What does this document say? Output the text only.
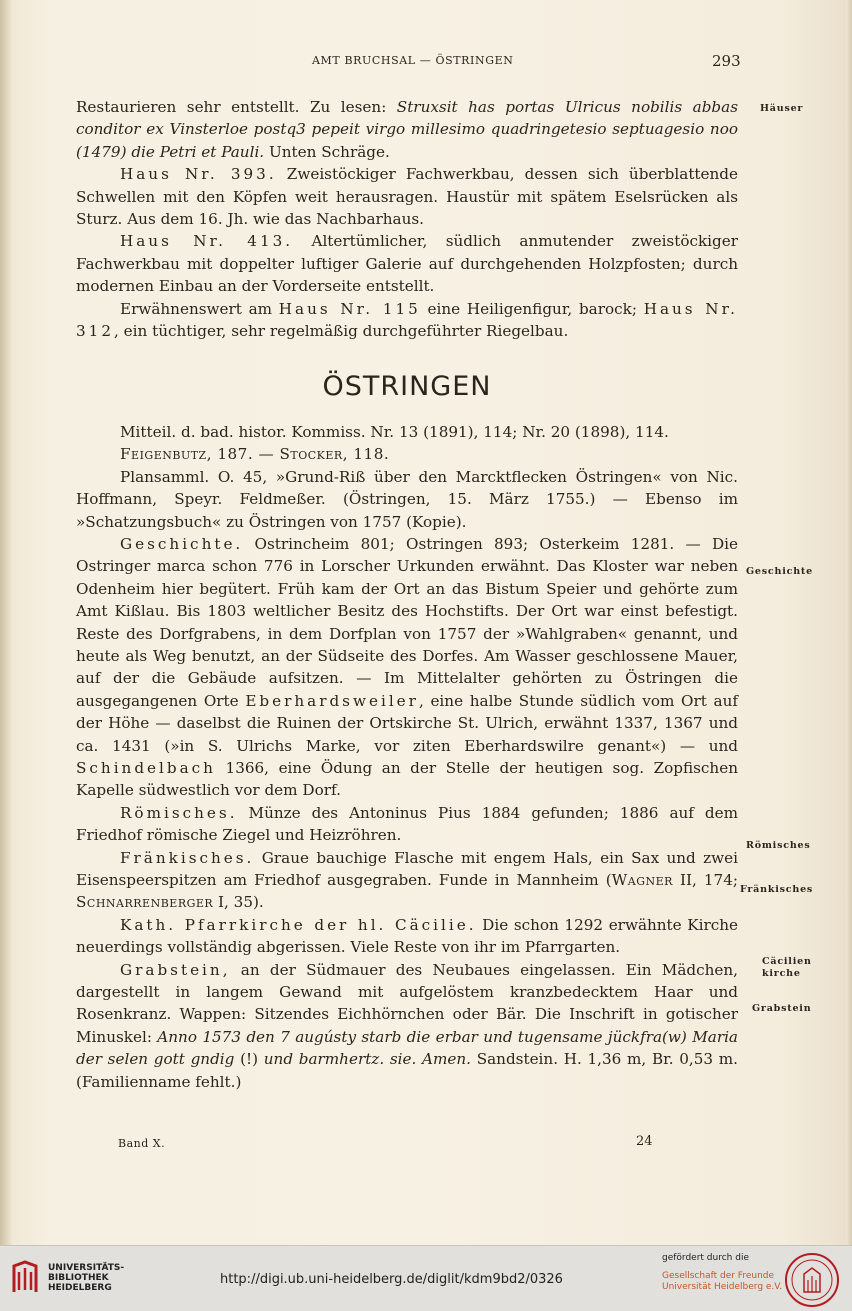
AMT BRUCHSAL — ÖSTRINGEN	293

Restaurieren sehr entstellt. Zu lesen: Struxsit has portas Ulricus nobilis abbas conditor ex Vinsterloe postq3 pepeit virgo millesimo quadringetesio septuagesio noo (1479) die Petri et Pauli. Unten Schräge.

Haus Nr. 393. Zweistöckiger Fachwerkbau, dessen sich überblattende Schwellen mit den Köpfen weit herausragen. Haustür mit spätem Eselsrücken als Sturz. Aus dem 16. Jh. wie das Nachbarhaus.

Haus Nr. 413. Altertümlicher, südlich anmutender zweistöckiger Fachwerkbau mit doppelter luftiger Galerie auf durchgehenden Holzpfosten; durch modernen Einbau an der Vorderseite entstellt.

Erwähnenswert am Haus Nr. 115 eine Heiligenfigur, barock; Haus Nr. 312, ein tüchtiger, sehr regelmäßig durchgeführter Riegelbau.

ÖSTRINGEN

Mitteil. d. bad. histor. Kommiss. Nr. 13 (1891), 114; Nr. 20 (1898), 114.

Feigenbutz, 187. — Stocker, 118.

Plansamml. O. 45, »Grund-Riß über den Marcktflecken Östringen« von Nic. Hoffmann, Speyr. Feldmeßer. (Östringen, 15. März 1755.) — Ebenso im »Schatzungsbuch« zu Östringen von 1757 (Kopie).

Geschichte. Ostrincheim 801; Ostringen 893; Osterkeim 1281. — Die Ostringer marca schon 776 in Lorscher Urkunden erwähnt. Das Kloster war neben Odenheim hier begütert. Früh kam der Ort an das Bistum Speier und gehörte zum Amt Kißlau. Bis 1803 weltlicher Besitz des Hochstifts. Der Ort war einst befestigt. Reste des Dorfgrabens, in dem Dorfplan von 1757 der »Wahlgraben« genannt, und heute als Weg benutzt, an der Südseite des Dorfes. Am Wasser geschlossene Mauer, auf der die Gebäude aufsitzen. — Im Mittelalter gehörten zu Östringen die ausgegangenen Orte Eberhardsweiler, eine halbe Stunde südlich vom Ort auf der Höhe — daselbst die Ruinen der Ortskirche St. Ulrich, erwähnt 1337, 1367 und ca. 1431 (»in S. Ulrichs Marke, vor ziten Eberhardswilre genant«) — und Schindelbach 1366, eine Ödung an der Stelle der heutigen sog. Zopfischen Kapelle südwestlich vor dem Dorf.

Römisches. Münze des Antoninus Pius 1884 gefunden; 1886 auf dem Friedhof römische Ziegel und Heizröhren.

Fränkisches. Graue bauchige Flasche mit engem Hals, ein Sax und zwei Eisenspeerspitzen am Friedhof ausgegraben. Funde in Mannheim (Wagner II, 174; Schnarrenberger I, 35).

Kath. Pfarrkirche der hl. Cäcilie. Die schon 1292 erwähnte Kirche neuerdings vollständig abgerissen. Viele Reste von ihr im Pfarrgarten.

Grabstein, an der Südmauer des Neubaues eingelassen. Ein Mädchen, dargestellt in langem Gewand mit aufgelöstem kranzbedecktem Haar und Rosenkranz. Wappen: Sitzendes Eichhörnchen oder Bär. Die Inschrift in gotischer Minuskel: Anno 1573 den 7 augústy starb die erbar und tugensame jückfra(w) Maria der selen gott gndig (!) und barmhertz. sie. Amen. Sandstein. H. 1,36 m, Br. 0,53 m. (Familienname fehlt.)

Häuser
Geschichte
Römisches
Fränkisches
Cäcilien
kirche
Grabstein
Band X.	24
UNIVERSITÄTS-
BIBLIOTHEK
HEIDELBERG
http://digi.ub.uni-heidelberg.de/diglit/kdm9bd2/0326
gefördert durch die
Gesellschaft der Freunde
Universität Heidelberg e.V.
